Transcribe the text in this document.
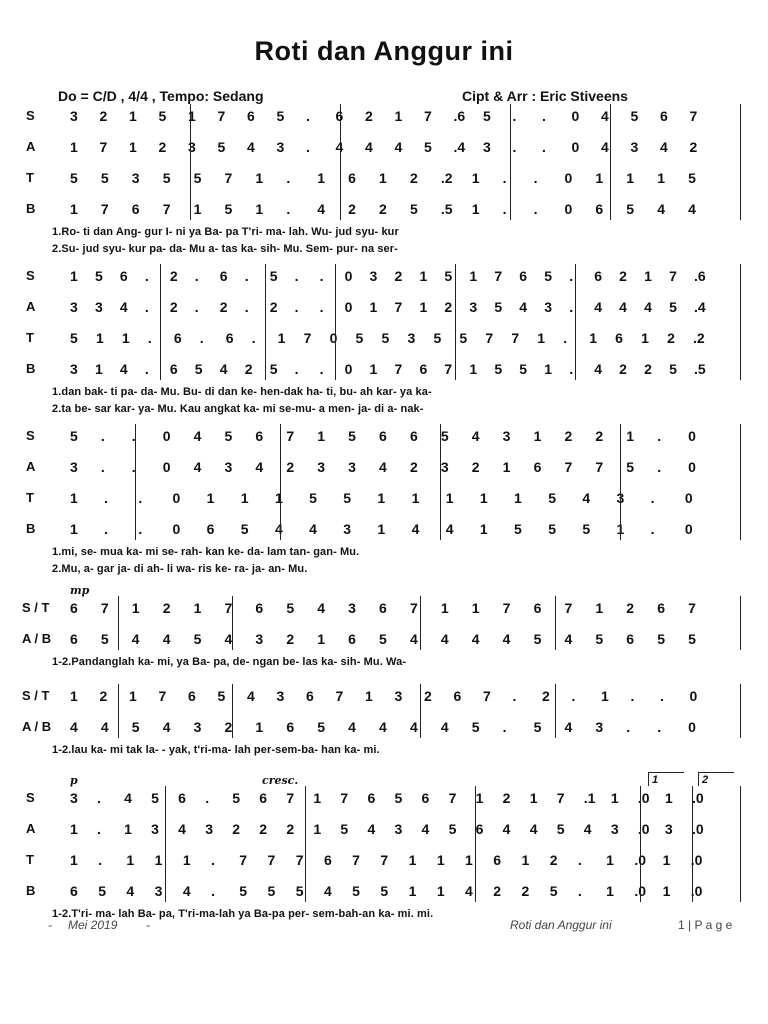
Roti dan Anggur ini
Do = C/D , 4/4 , Tempo: Sedang	Cipt & Arr : Eric Stiveens
S	3 2 1 5 1 7 6 5 . 6 2 1 7 .6 5 . . 0 4 5 6 7
A 1 7 1 2 3 5 4 3 . 4 4 4 5 .4 3 . . 0 4 3 4 2
T	5 5 3 5 5 7 1 . 1 6 1 2 .2 1 . . 0 1 1 1 5
B 1 7 6 7 1 5 1 . 4 2 2 5 .5 1 . . 0 6 5 4 4
1.Ro- ti dan Ang- gur I- ni ya Ba- pa T'ri- ma- lah. Wu- jud syu- kur
2.Su- jud syu- kur pa- da- Mu a- tas ka- sih- Mu. Sem- pur- na ser-
S	1 5 6 . 2 . 6 . 5 . . 0 3 2 1 5 1 7 6 5 . 6 2 1 7 .6
A 3 3 4 . 2 . 2 . 2 . . 0 1 7 1 2 3 5 4 3 . 4 4 4 5 .4
T	5 1 1 . 6 . 6 . 1 7 0 5 5 3 5 5 7 7 1 . 1 6 1 2 .2
B 3 1 4 . 6 5 4 2 5 . . 0 1 7 6 7 1 5 5 1 . 4 2 2 5 .5
1.dan bak- ti pa- da- Mu. Bu- di dan ke- hen-dak ha- ti, bu- ah kar- ya ka-
2.ta be- sar kar- ya- Mu. Kau angkat ka- mi se-mu- a men- ja- di a- nak-
S	5 . . 0 4 5 6 7 1 5 6 6 5 4 3 1 2 2 1 . 0
A 3 . . 0 4 3 4 2 3 3 4 2 3 2 1 6 7 7 5 . 0
T	1 . . 0 1 1 1 5 5 1 1 1 1 1 5 4 3 . 0
B 1 . . 0 6 5 4 4 3 1 4 4 1 5 5 5 1 . 0
1.mi, se- mua ka- mi se- rah- kan ke- da- lam tan- gan- Mu.
2.Mu, a- gar ja- di ah- li wa- ris ke- ra- ja- an- Mu.
S / T 6 7 1 2 1 7 6 5 4 3 6 7 1 1 7 6 7 1 2 6 7
A / B 6 5 4 4 5 4 3 2 1 6 5 4 4 4 4 5 4 5 6 5 5
1-2.Pandanglah ka- mi, ya Ba- pa, de- ngan be- las ka- sih- Mu. Wa-
mp
S / T 1 2 1 7 6 5 4 3 6 7 1 3 2 6 7 . 2 . 1 . . 0
A / B 4 4 5 4 3 2 1 6 5 4 4 4 4 5 . 5 4 3 . . 0
1-2.lau ka- mi tak la- - yak, t'ri-ma- lah per-sem-ba- han ka- mi.
S	3 . 4 5 6 . 5 6 7 1 7 6 5 6 7 1 2 1 7 .1 1 .0 1 .0
A 1 . 1 3 4 3 2 2 2 1 5 4 3 4 5 6 4 4 5 4 3 .0 3 .0
T	1 . 1 1 1 . 7 7 7 6 7 7 1 1 1 6 1 2 . 1 .0 1 .0
B 6 5 4 3 4 . 5 5 5 4 5 5 1 1 4 2 2 5 . 1 .0 1 .0
1-2.T'ri- ma- lah Ba- pa, T'ri-ma-lah ya Ba-pa per- sem-bah-an ka- mi. mi.
p	cresc.	1	2
- Mei 2019 -	Roti dan Anggur ini	1 | P a g e
